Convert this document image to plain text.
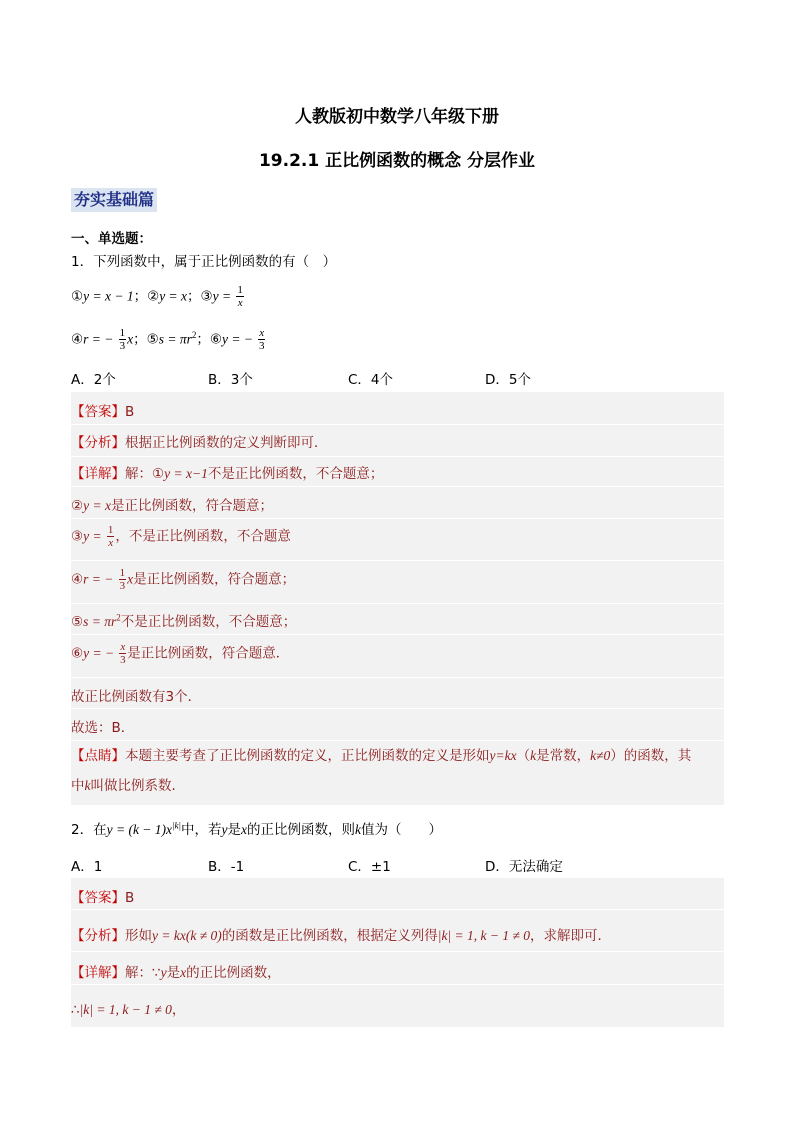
人教版初中数学八年级下册
19.2.1 正比例函数的概念 分层作业
夯实基础篇
一、单选题：
1．下列函数中，属于正比例函数的有（　）
①y = x − 1；②y = x；③y = $\frac{1}{x}$
④r = − $\frac{1}{3}$ x；⑤s = $\pi r^2$；⑥y = − $\frac{x}{3}$
A．2个	B．3个	C．4个	D．5个
【答案】B
【分析】根据正比例函数的定义判断即可．
【详解】解：①y = x−1不是正比例函数，不合题意；
②y = x是正比例函数，符合题意；
③y = $\frac{1}{x}$ ，不是正比例函数，不合题意
④r = − $\frac{1}{3}$ x是正比例函数，符合题意；
⑤s = $\pi r^2$不是正比例函数，不合题意；
⑥y = − $\frac{x}{3}$ 是正比例函数，符合题意．
故正比例函数有3个．
故选：B．
【点睛】本题主要考查了正比例函数的定义，正比例函数的定义是形如y=kx（k是常数，k≠0）的函数，其
中k叫做比例系数．
2．在$y = (k - 1)x^{|k|}$中，若y是x的正比例函数，则k值为（　　）
A．1	B．-1	C．±1	D．无法确定
【答案】B
【分析】形如y = kx(k ≠ 0)的函数是正比例函数，根据定义列得|k| = 1, k − 1 ≠ 0，求解即可．
【详解】解：∵y是x的正比例函数，
∴|k| = 1, k − 1 ≠ 0，
